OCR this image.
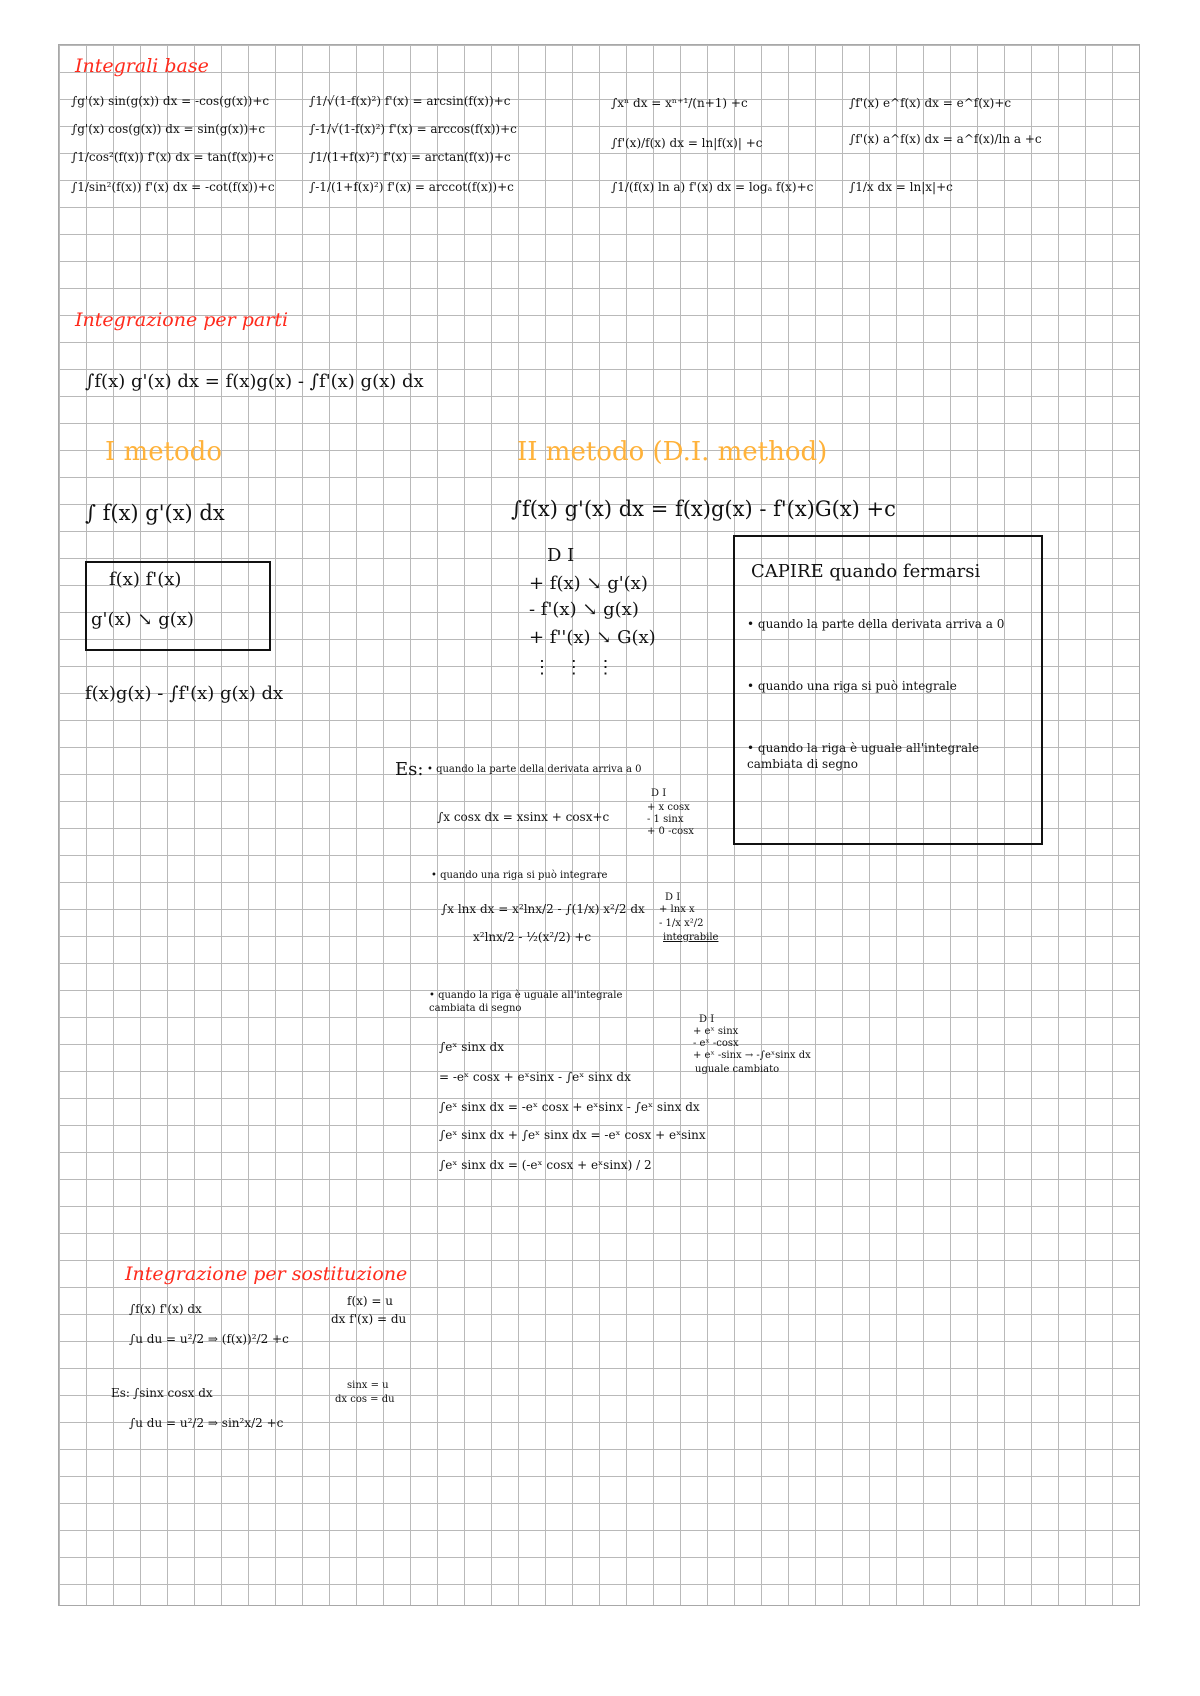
Integrali base
∫g'(x) sin(g(x)) dx = -cos(g(x))+c
∫g'(x) cos(g(x)) dx = sin(g(x))+c
∫1/cos²(f(x)) f'(x) dx = tan(f(x))+c
∫1/sin²(f(x)) f'(x) dx = -cot(f(x))+c
∫1/√(1-f(x)²) f'(x) = arcsin(f(x))+c
∫-1/√(1-f(x)²) f'(x) = arccos(f(x))+c
∫1/(1+f(x)²) f'(x) = arctan(f(x))+c
∫-1/(1+f(x)²) f'(x) = arccot(f(x))+c
∫xⁿ dx = xⁿ⁺¹/(n+1) +c
∫f'(x)/f(x) dx = ln|f(x)| +c
∫1/(f(x) ln a) f'(x) dx = logₐ f(x)+c
∫f'(x) e^f(x) dx = e^f(x)+c
∫f'(x) a^f(x) dx = a^f(x)/ln a +c
∫1/x dx = ln|x|+c
Integrazione per parti
∫f(x) g'(x) dx = f(x)g(x) - ∫f'(x) g(x) dx
I metodo
∫ f(x) g'(x) dx
f(x) f'(x)
g'(x) ↘ g(x)
f(x)g(x) - ∫f'(x) g(x) dx
II metodo (D.I. method)
∫f(x) g'(x) dx = f(x)g(x) - f'(x)G(x) +c
D I
+ f(x) ↘ g'(x)
- f'(x) ↘ g(x)
+ f''(x) ↘ G(x)
⋮ ⋮ ⋮
CAPIRE quando fermarsi
• quando la parte della derivata arriva a 0
• quando una riga si può integrale
• quando la riga è uguale all'integrale cambiata di segno
Es: • quando la parte della derivata arriva a 0
∫x cosx dx = xsinx + cosx+c
D I
+ x cosx
- 1 sinx
+ 0 -cosx
• quando una riga si può integrare
∫x lnx dx = x²lnx/2 - ∫(1/x) x²/2 dx
x²lnx/2 - ½(x²/2) +c
D I
+ lnx x
- 1/x x²/2
integrabile
• quando la riga è uguale all'integrale cambiata di segno
∫eˣ sinx dx
= -eˣ cosx + eˣsinx - ∫eˣ sinx dx
∫eˣ sinx dx = -eˣ cosx + eˣsinx - ∫eˣ sinx dx
∫eˣ sinx dx + ∫eˣ sinx dx = -eˣ cosx + eˣsinx
∫eˣ sinx dx = (-eˣ cosx + eˣsinx) / 2
D I
+ eˣ sinx
- eˣ -cosx
+ eˣ -sinx → -∫eˣsinx dx
uguale cambiato
Integrazione per sostituzione
∫f(x) f'(x) dx
∫u du = u²/2 ⇒ (f(x))²/2 +c
f(x) = u
dx f'(x) = du
Es: ∫sinx cosx dx
∫u du = u²/2 ⇒ sin²x/2 +c
sinx = u
dx cos = du
